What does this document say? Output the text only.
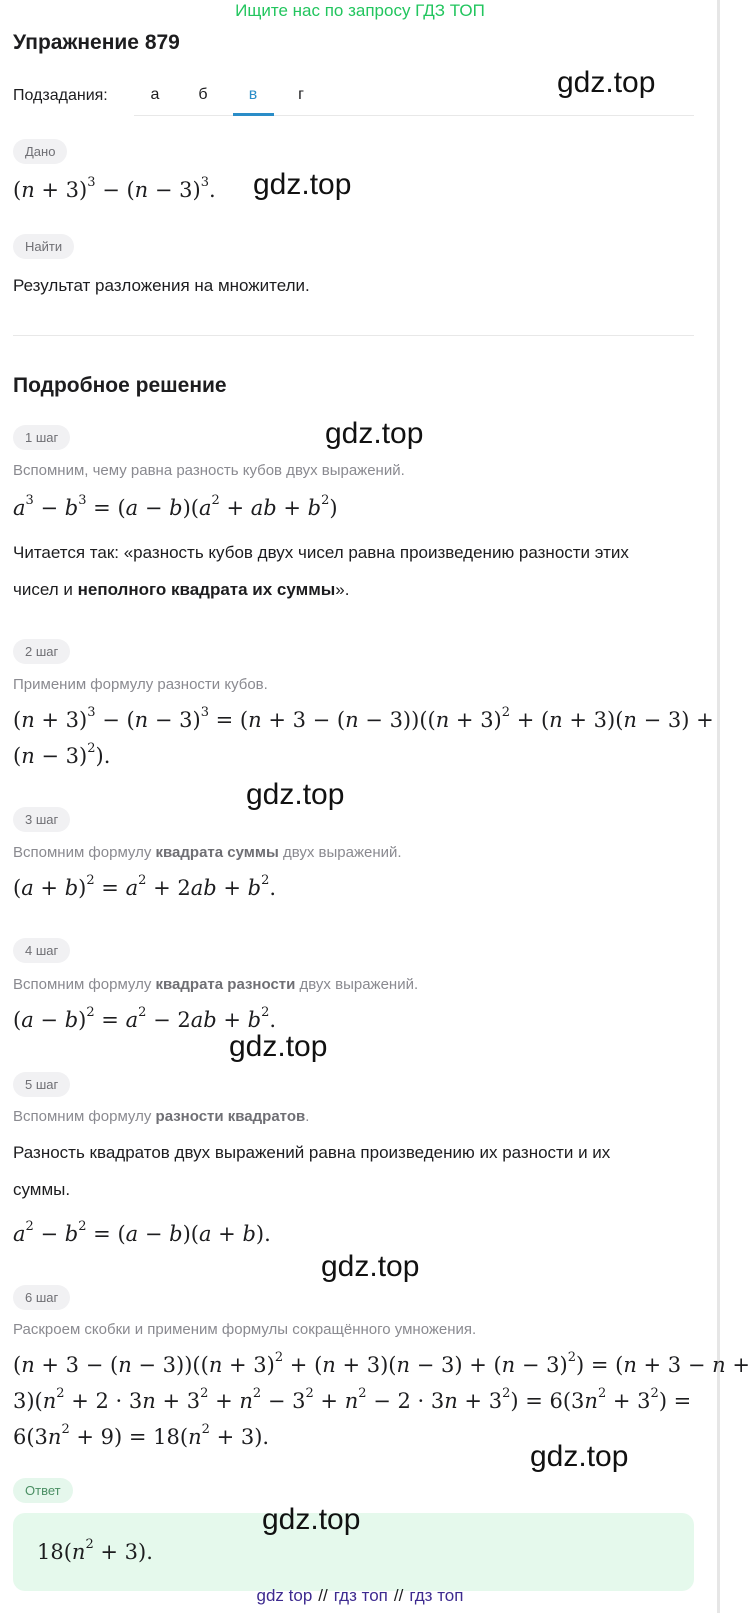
Ищите нас по запросу ГДЗ ТОП
Упражнение 879
Подзадания:	а	б	в	г	gdz.top
Дано
$(n + 3)^3 - (n - 3)^3$. gdz.top
Найти
Результат разложения на множители.
Подробное решение
gdz.top
1 шаг
Вспомним, чему равна разность кубов двух выражений.
$a^3 - b^3 = (a - b)(a^2$ + ab + $b^2$)
Читается так: «разность кубов двух чисел равна произведению разности этих
чисел и неполного квадрата их суммы».
2 шаг
Применим формулу разности кубов.
$(n + 3)^3 - (n - 3)^3 = (n + 3 - (n - 3))((n + 3)^2 + (n + 3)(n - 3)$ +
$(n - 3)^2$).
gdz.top
3 шаг
Вспомним формулу квадрата суммы двух выражений.
$(a + b)^2 = a^2 + 2ab + b^2$.
4 шаг
Вспомним формулу квадрата разности двух выражений.
$(a - b)^2 = a^2 - 2ab + b^2$.
gdz.top
5 шаг
Вспомним формулу разности квадратов.
Разность квадратов двух выражений равна произведению их разности и их
суммы.
$a^2 - b^2 = (a - b)(a + b)$.
gdz.top
6 шаг
Раскроем скобки и применим формулы сокращённого умножения.
$(n + 3 - (n - 3))((n + 3)^2 + (n + 3)(n - 3) + (n - 3)^2) = (n + 3 - n$ +
$3)(n^2 + 2 \cdot 3n + 3^2 + n^2 - 3^2 + n^2 - 2 \cdot 3n + 3^2) = 6(3n^2 + 3^2)$ =
$6(3n^2 + 9) = 18(n^2 + 3)$.
gdz.top
Ответ
gdz.top
$18(n^2 + 3)$.
gdz top // гдз топ // гдз топ
